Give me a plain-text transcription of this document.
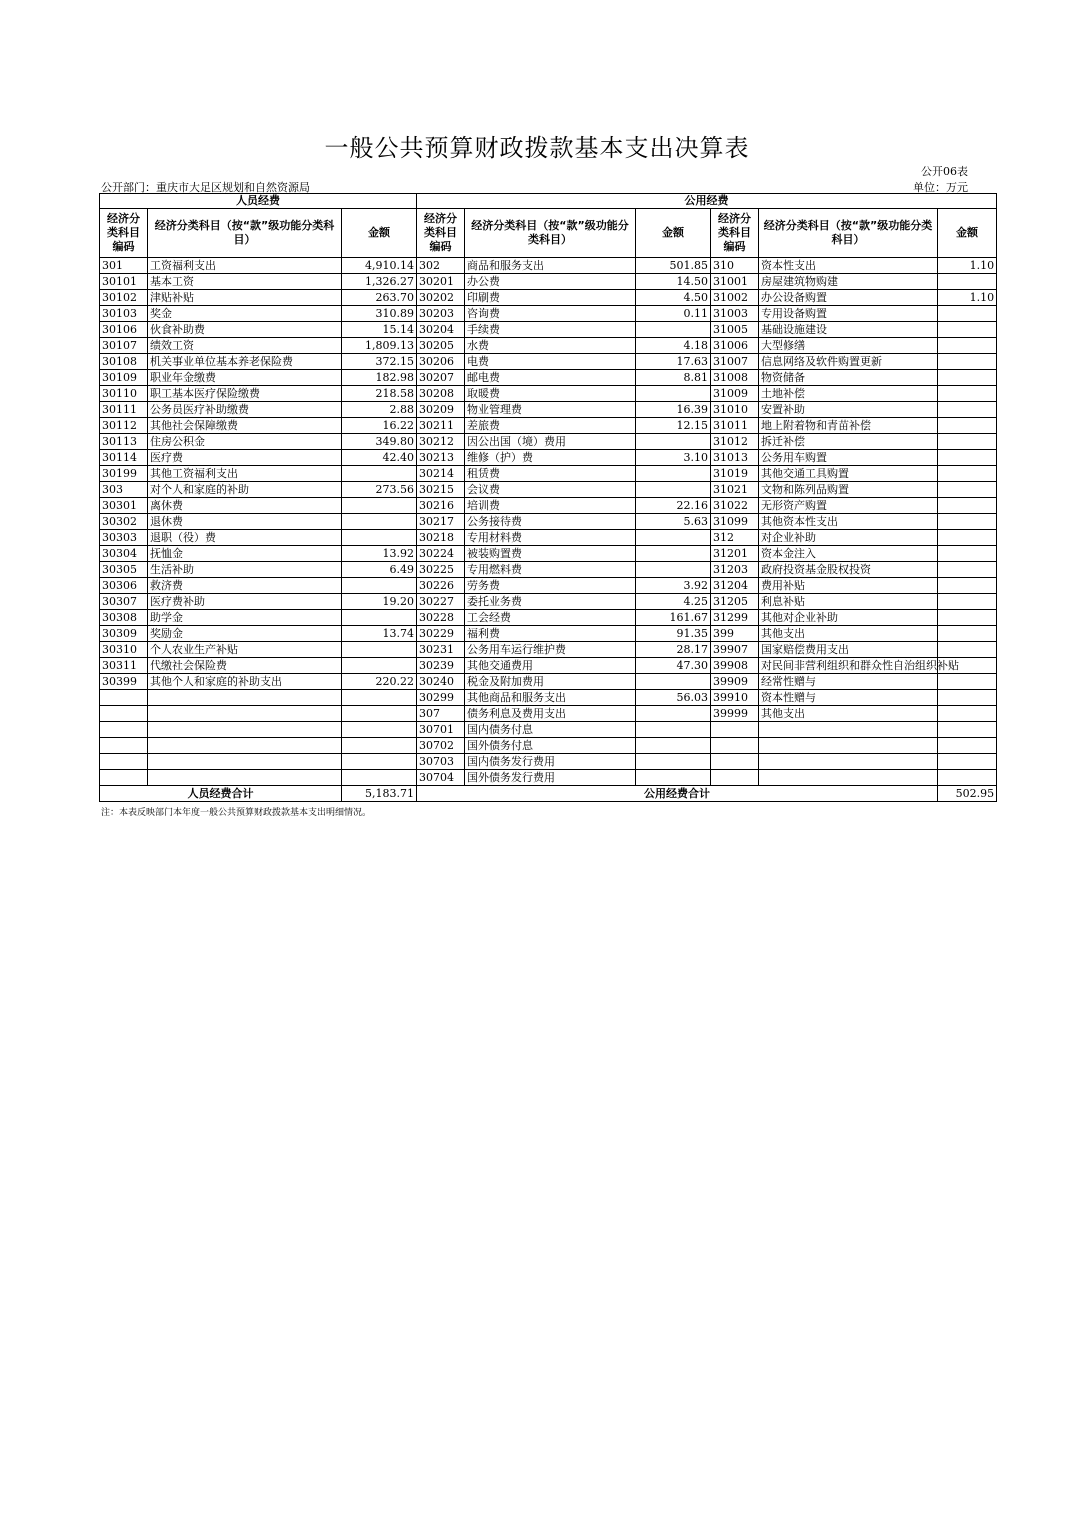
一般公共预算财政拨款基本支出决算表
公开06表
公开部门：重庆市大足区规划和自然资源局	单位：万元
人员经费			公用经费					
经济分类科目编码	经济分类科目（按“款”级功能分类科目）	金额	经济分类科目编码	经济分类科目（按“款”级功能分类科目）	金额	经济分类科目编码	经济分类科目（按“款”级功能分类科目）	金额
301	工资福利支出	4,910.14	302	商品和服务支出	501.85	310	资本性支出	1.10
30101	基本工资	1,326.27	30201	办公费	14.50	31001	房屋建筑物购建	
30102	津贴补贴	263.70	30202	印刷费	4.50	31002	办公设备购置	1.10
30103	奖金	310.89	30203	咨询费	0.11	31003	专用设备购置	
30106	伙食补助费	15.14	30204	手续费		31005	基础设施建设	
30107	绩效工资	1,809.13	30205	水费	4.18	31006	大型修缮	
30108	机关事业单位基本养老保险费	372.15	30206	电费	17.63	31007	信息网络及软件购置更新	
30109	职业年金缴费	182.98	30207	邮电费	8.81	31008	物资储备	
30110	职工基本医疗保险缴费	218.58	30208	取暖费		31009	土地补偿	
30111	公务员医疗补助缴费	2.88	30209	物业管理费	16.39	31010	安置补助	
30112	其他社会保障缴费	16.22	30211	差旅费	12.15	31011	地上附着物和青苗补偿	
30113	住房公积金	349.80	30212	因公出国（境）费用		31012	拆迁补偿	
30114	医疗费	42.40	30213	维修（护）费	3.10	31013	公务用车购置	
30199	其他工资福利支出		30214	租赁费		31019	其他交通工具购置	
303	对个人和家庭的补助	273.56	30215	会议费		31021	文物和陈列品购置	
30301	离休费		30216	培训费	22.16	31022	无形资产购置	
30302	退休费		30217	公务接待费	5.63	31099	其他资本性支出	
30303	退职（役）费		30218	专用材料费		312	对企业补助	
30304	抚恤金	13.92	30224	被装购置费		31201	资本金注入	
30305	生活补助	6.49	30225	专用燃料费		31203	政府投资基金股权投资	
30306	救济费		30226	劳务费	3.92	31204	费用补贴	
30307	医疗费补助	19.20	30227	委托业务费	4.25	31205	利息补贴	
30308	助学金		30228	工会经费	161.67	31299	其他对企业补助	
30309	奖励金	13.74	30229	福利费	91.35	399	其他支出	
30310	个人农业生产补贴		30231	公务用车运行维护费	28.17	39907	国家赔偿费用支出	
30311	代缴社会保险费		30239	其他交通费用	47.30	39908	对民间非营利组织和群众性自治组织补贴	
30399	其他个人和家庭的补助支出	220.22	30240	税金及附加费用		39909	经常性赠与	
			30299	其他商品和服务支出	56.03	39910	资本性赠与	
			307	债务利息及费用支出		39999	其他支出	
			30701	国内债务付息				
			30702	国外债务付息				
			30703	国内债务发行费用				
			30704	国外债务发行费用				
人员经费合计		5,183.71	公用经费合计					502.95
注：本表反映部门本年度一般公共预算财政拨款基本支出明细情况。
